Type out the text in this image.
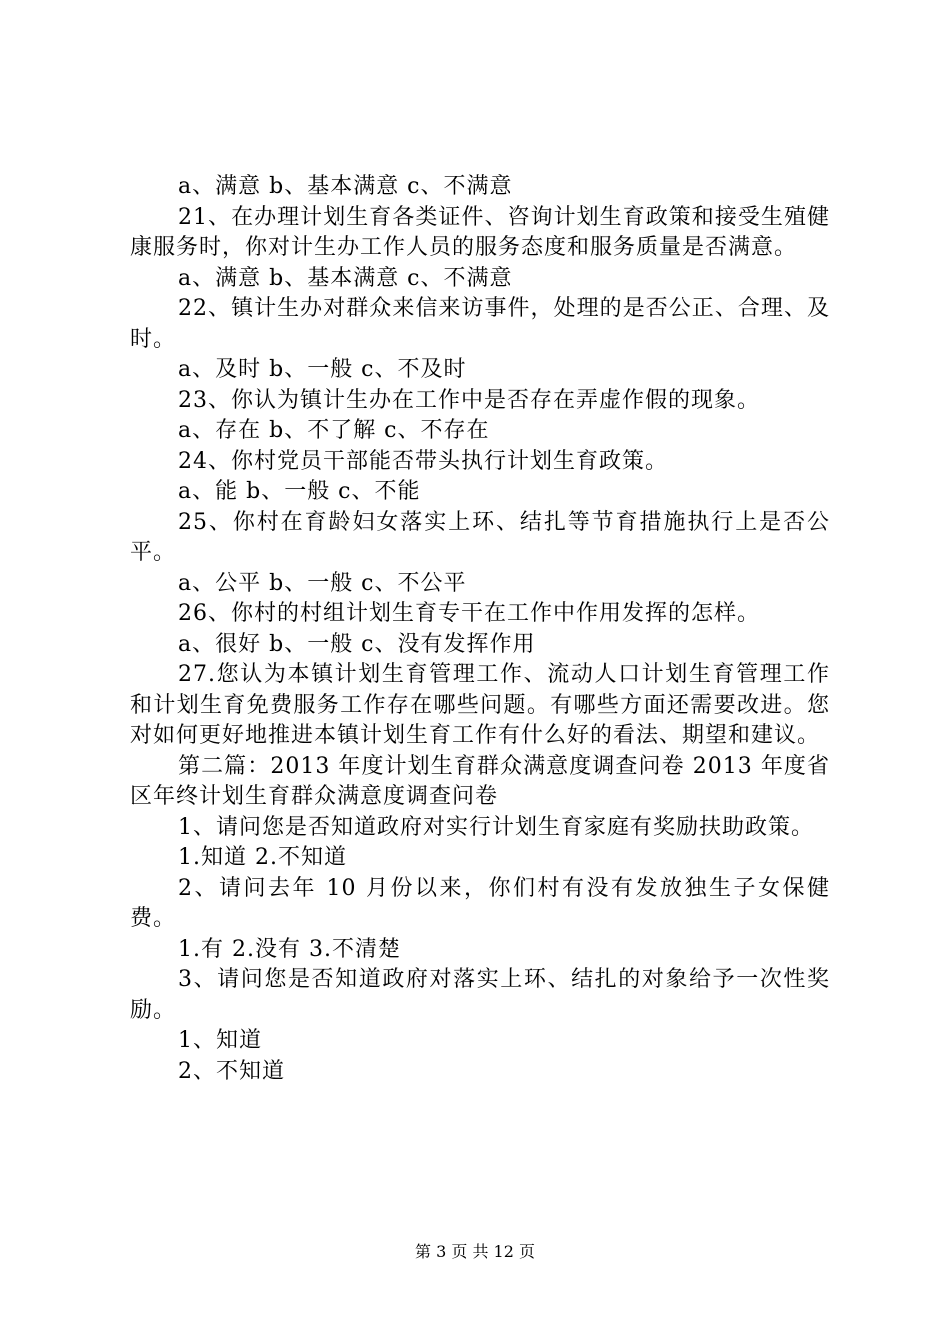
a、满意 b、基本满意 c、不满意

21、在办理计划生育各类证件、咨询计划生育政策和接受生殖健康服务时，你对计生办工作人员的服务态度和服务质量是否满意。

a、满意 b、基本满意 c、不满意

22、镇计生办对群众来信来访事件，处理的是否公正、合理、及时。

a、及时 b、一般 c、不及时

23、你认为镇计生办在工作中是否存在弄虚作假的现象。

a、存在 b、不了解 c、不存在

24、你村党员干部能否带头执行计划生育政策。

a、能 b、一般 c、不能

25、你村在育龄妇女落实上环、结扎等节育措施执行上是否公平。

a、公平 b、一般 c、不公平

26、你村的村组计划生育专干在工作中作用发挥的怎样。

a、很好 b、一般 c、没有发挥作用

27.您认为本镇计划生育管理工作、流动人口计划生育管理工作和计划生育免费服务工作存在哪些问题。有哪些方面还需要改进。您对如何更好地推进本镇计划生育工作有什么好的看法、期望和建议。

第二篇：2013 年度计划生育群众满意度调查问卷 2013 年度省区年终计划生育群众满意度调查问卷

1、请问您是否知道政府对实行计划生育家庭有奖励扶助政策。

1.知道 2.不知道

2、请问去年 10 月份以来，你们村有没有发放独生子女保健费。

1.有 2.没有 3.不清楚

3、请问您是否知道政府对落实上环、结扎的对象给予一次性奖励。

1、知道

2、不知道

第 3 页 共 12 页
